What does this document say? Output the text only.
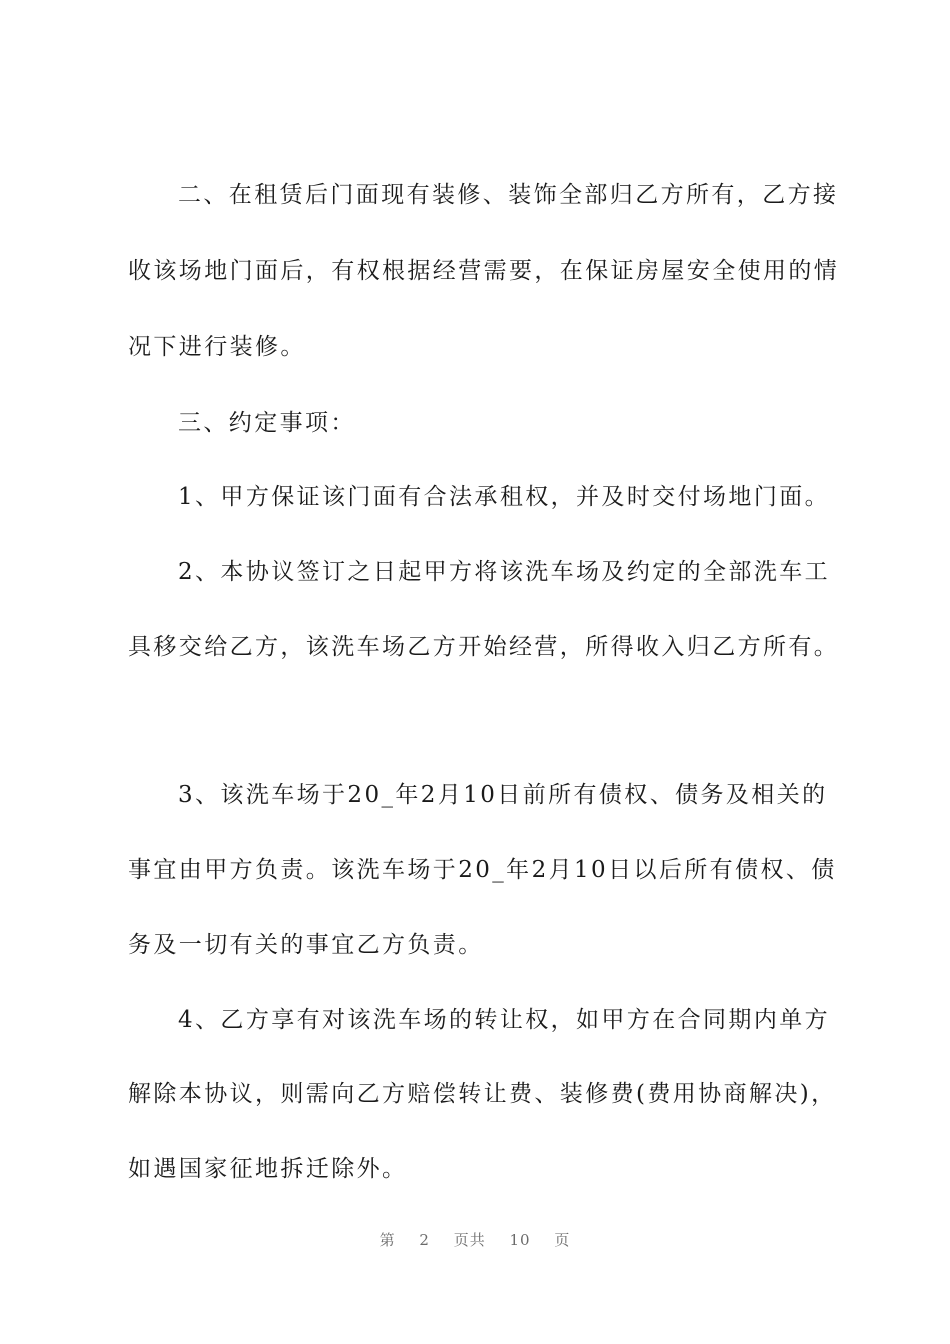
二、在租赁后门面现有装修、装饰全部归乙方所有，乙方接
收该场地门面后，有权根据经营需要，在保证房屋安全使用的情
况下进行装修。
三、约定事项：
1、甲方保证该门面有合法承租权，并及时交付场地门面。
2、本协议签订之日起甲方将该洗车场及约定的全部洗车工
具移交给乙方，该洗车场乙方开始经营，所得收入归乙方所有。
3、该洗车场于20_年2月10日前所有债权、债务及相关的
事宜由甲方负责。该洗车场于20_年2月10日以后所有债权、债
务及一切有关的事宜乙方负责。
4、乙方享有对该洗车场的转让权，如甲方在合同期内单方
解除本协议，则需向乙方赔偿转让费、装修费(费用协商解决)，
如遇国家征地拆迁除外。
第 2 页共 10 页
